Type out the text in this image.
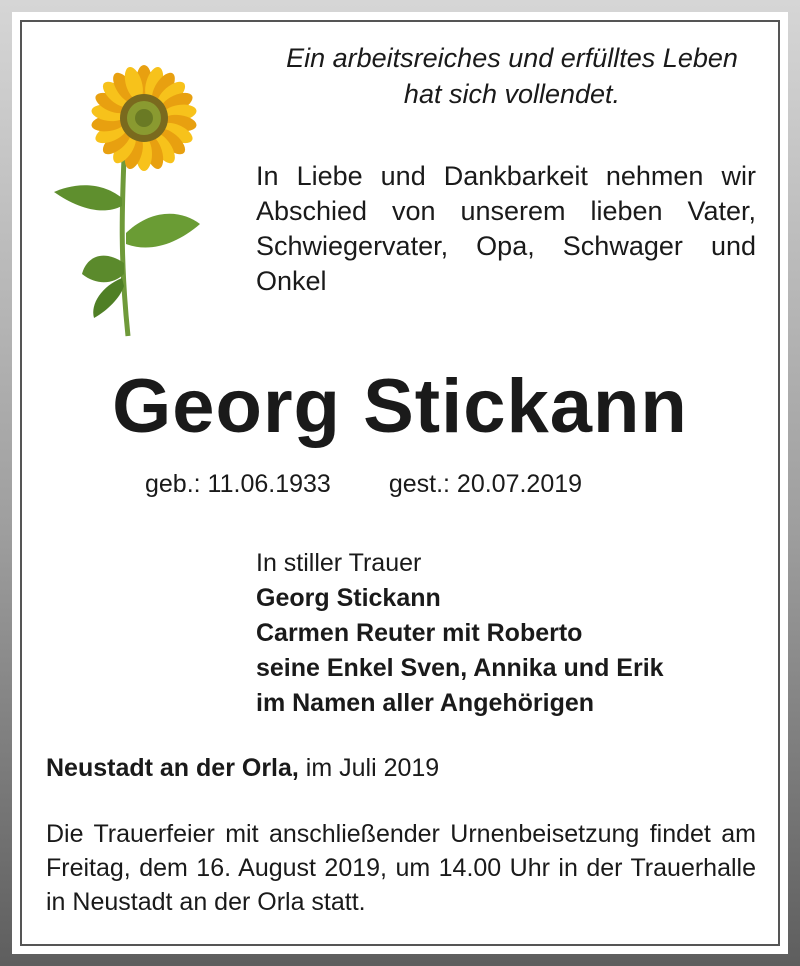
Ein arbeitsreiches und erfülltes Leben
hat sich vollendet.
In Liebe und Dankbarkeit nehmen wir Abschied von unserem lieben Vater, Schwiegervater, Opa, Schwager und Onkel
Georg Stickann
geb.: 11.06.1933 gest.: 20.07.2019
In stiller Trauer
Georg Stickann
Carmen Reuter mit Roberto
seine Enkel Sven, Annika und Erik
im Namen aller Angehörigen
Neustadt an der Orla, im Juli 2019
Die Trauerfeier mit anschließender Urnenbeisetzung findet am Freitag, dem 16. August 2019, um 14.00 Uhr in der Trauerhalle in Neustadt an der Orla statt.
